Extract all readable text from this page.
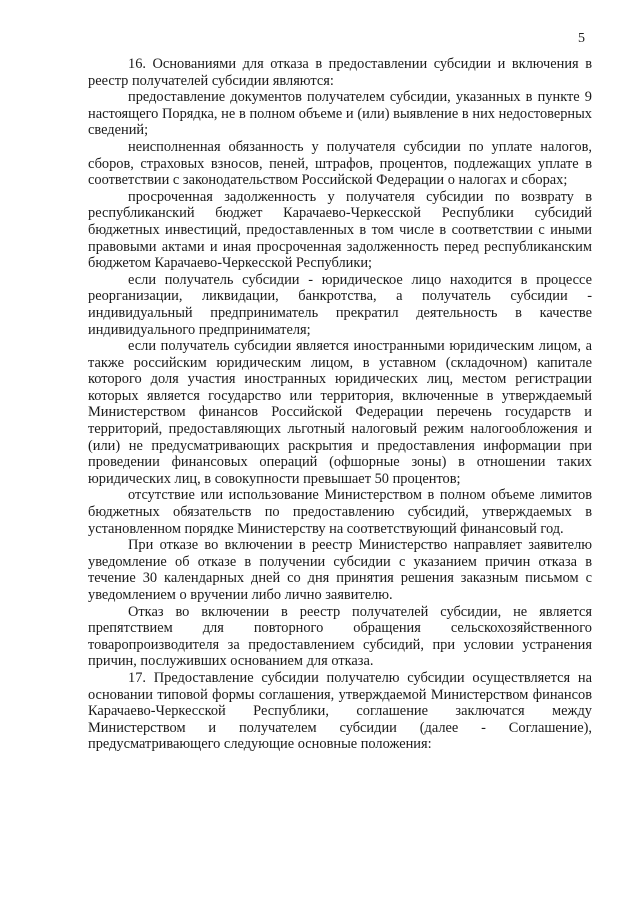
5

16. Основаниями для отказа в предоставлении субсидии и включения в реестр получателей субсидии являются:

предоставление документов получателем субсидии, указанных в пункте 9 настоящего Порядка, не в полном объеме и (или) выявление в них недостоверных сведений;

неисполненная обязанность у получателя субсидии по уплате налогов, сборов, страховых взносов, пеней, штрафов, процентов, подлежащих уплате в соответствии с законодательством Российской Федерации о налогах и сборах;

просроченная задолженность у получателя субсидии по возврату в республиканский бюджет Карачаево-Черкесской Республики субсидий бюджетных инвестиций, предоставленных в том числе в соответствии с иными правовыми актами и иная просроченная задолженность перед республиканским бюджетом Карачаево-Черкесской Республики;

если получатель субсидии - юридическое лицо находится в процессе реорганизации, ликвидации, банкротства, а получатель субсидии - индивидуальный предприниматель прекратил деятельность в качестве индивидуального предпринимателя;

если получатель субсидии является иностранными юридическим лицом, а также российским юридическим лицом, в уставном (складочном) капитале которого доля участия иностранных юридических лиц, местом регистрации которых является государство или территория, включенные в утверждаемый Министерством финансов Российской Федерации перечень государств и территорий, предоставляющих льготный налоговый режим налогообложения и (или) не предусматривающих раскрытия и предоставления информации при проведении финансовых операций (офшорные зоны) в отношении таких юридических лиц, в совокупности превышает 50 процентов;

отсутствие или использование Министерством в полном объеме лимитов бюджетных обязательств по предоставлению субсидий, утверждаемых в установленном порядке Министерству на соответствующий финансовый год.

При отказе во включении в реестр Министерство направляет заявителю уведомление об отказе в получении субсидии с указанием причин отказа в течение 30 календарных дней со дня принятия решения заказным письмом с уведомлением о вручении либо лично заявителю.

Отказ во включении в реестр получателей субсидии, не является препятствием для повторного обращения сельскохозяйственного товаропроизводителя за предоставлением субсидий, при условии устранения причин, послуживших основанием для отказа.

17. Предоставление субсидии получателю субсидии осуществляется на основании типовой формы соглашения, утверждаемой Министерством финансов Карачаево-Черкесской Республики, соглашение заключатся между Министерством и получателем субсидии (далее - Соглашение), предусматривающего следующие основные положения:
